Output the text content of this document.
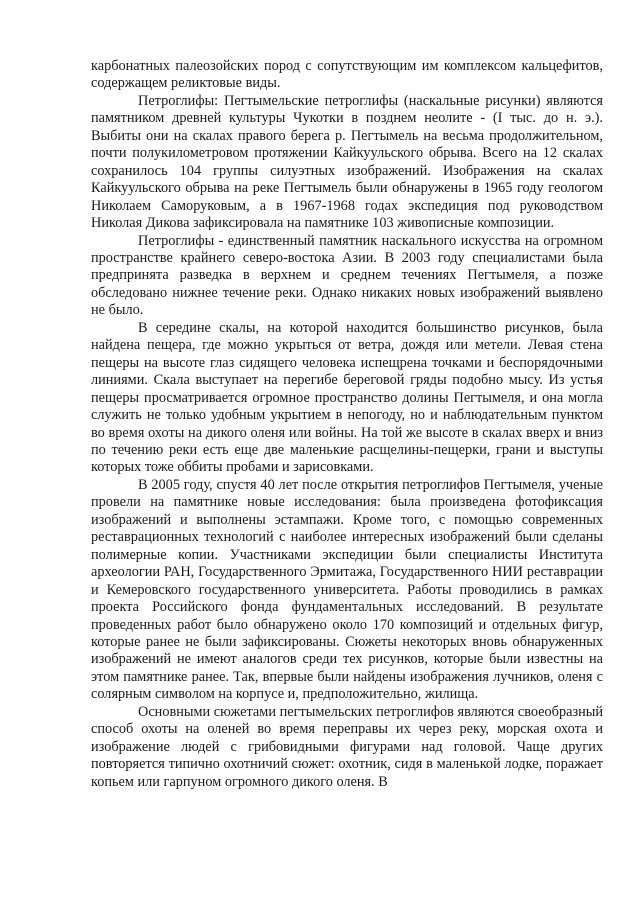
карбонатных палеозойских пород с сопутствующим им комплексом кальцефитов, содержащем реликтовые виды.

Петроглифы: Пегтымельские петроглифы (наскальные рисунки) являются памятником древней культуры Чукотки в позднем неолите - (I тыс. до н. э.). Выбиты они на скалах правого берега р. Пегтымель на весьма продолжительном, почти полукилометровом протяжении Кайкуульского обрыва. Всего на 12 скалах сохранилось 104 группы силуэтных изображений. Изображения на скалах Кайкуульского обрыва на реке Пегтымель были обнаружены в 1965 году геологом Николаем Саморуковым, а в 1967-1968 годах экспедиция под руководством Николая Дикова зафиксировала на памятнике 103 живописные композиции.

Петроглифы - единственный памятник наскального искусства на огромном пространстве крайнего северо-востока Азии. В 2003 году специалистами была предпринята разведка в верхнем и среднем течениях Пегтымеля, а позже обследовано нижнее течение реки. Однако никаких новых изображений выявлено не было.

В середине скалы, на которой находится большинство рисунков, была найдена пещера, где можно укрыться от ветра, дождя или метели. Левая стена пещеры на высоте глаз сидящего человека испещрена точками и беспорядочными линиями. Скала выступает на перегибе береговой гряды подобно мысу. Из устья пещеры просматривается огромное пространство долины Пегтымеля, и она могла служить не только удобным укрытием в непогоду, но и наблюдательным пунктом во время охоты на дикого оленя или войны. На той же высоте в скалах вверх и вниз по течению реки есть еще две маленькие расщелины-пещерки, грани и выступы которых тоже оббиты пробами и зарисовками.

В 2005 году, спустя 40 лет после открытия петроглифов Пегтымеля, ученые провели на памятнике новые исследования: была произведена фотофиксация изображений и выполнены эстампажи. Кроме того, с помощью современных реставрационных технологий с наиболее интересных изображений были сделаны полимерные копии. Участниками экспедиции были специалисты Института археологии РАН, Государственного Эрмитажа, Государственного НИИ реставрации и Кемеровского государственного университета. Работы проводились в рамках проекта Российского фонда фундаментальных исследований. В результате проведенных работ было обнаружено около 170 композиций и отдельных фигур, которые ранее не были зафиксированы. Сюжеты некоторых вновь обнаруженных изображений не имеют аналогов среди тех рисунков, которые были известны на этом памятнике ранее. Так, впервые были найдены изображения лучников, оленя с солярным символом на корпусе и, предположительно, жилища.

Основными сюжетами пегтымельских петроглифов являются своеобразный способ охоты на оленей во время переправы их через реку, морская охота и изображение людей с грибовидными фигурами над головой. Чаще других повторяется типично охотничий сюжет: охотник, сидя в маленькой лодке, поражает копьем или гарпуном огромного дикого оленя. В
